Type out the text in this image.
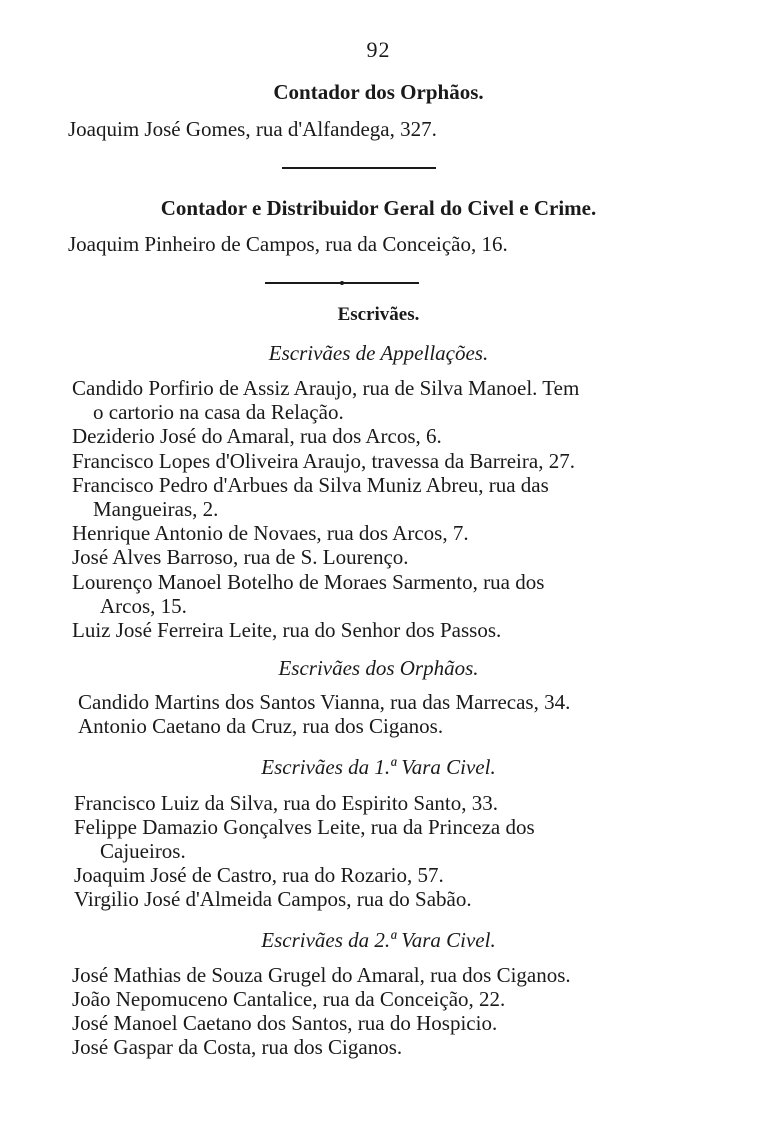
92
Contador dos Orphãos.
Joaquim José Gomes, rua d'Alfandega, 327.
Contador e Distribuidor Geral do Civel e Crime.
Joaquim Pinheiro de Campos, rua da Conceição, 16.
Escrivães.
Escrivães de Appellações.
Candido Porfirio de Assiz Araujo, rua de Silva Manoel. Tem
o cartorio na casa da Relação.
Deziderio José do Amaral, rua dos Arcos, 6.
Francisco Lopes d'Oliveira Araujo, travessa da Barreira, 27.
Francisco Pedro d'Arbues da Silva Muniz Abreu, rua das
Mangueiras, 2.
Henrique Antonio de Novaes, rua dos Arcos, 7.
José Alves Barroso, rua de S. Lourenço.
Lourenço Manoel Botelho de Moraes Sarmento, rua dos
Arcos, 15.
Luiz José Ferreira Leite, rua do Senhor dos Passos.
Escrivães dos Orphãos.
Candido Martins dos Santos Vianna, rua das Marrecas, 34.
Antonio Caetano da Cruz, rua dos Ciganos.
Escrivães da 1.ª Vara Civel.
Francisco Luiz da Silva, rua do Espirito Santo, 33.
Felippe Damazio Gonçalves Leite, rua da Princeza dos
Cajueiros.
Joaquim José de Castro, rua do Rozario, 57.
Virgilio José d'Almeida Campos, rua do Sabão.
Escrivães da 2.ª Vara Civel.
José Mathias de Souza Grugel do Amaral, rua dos Ciganos.
João Nepomuceno Cantalice, rua da Conceição, 22.
José Manoel Caetano dos Santos, rua do Hospicio.
José Gaspar da Costa, rua dos Ciganos.
